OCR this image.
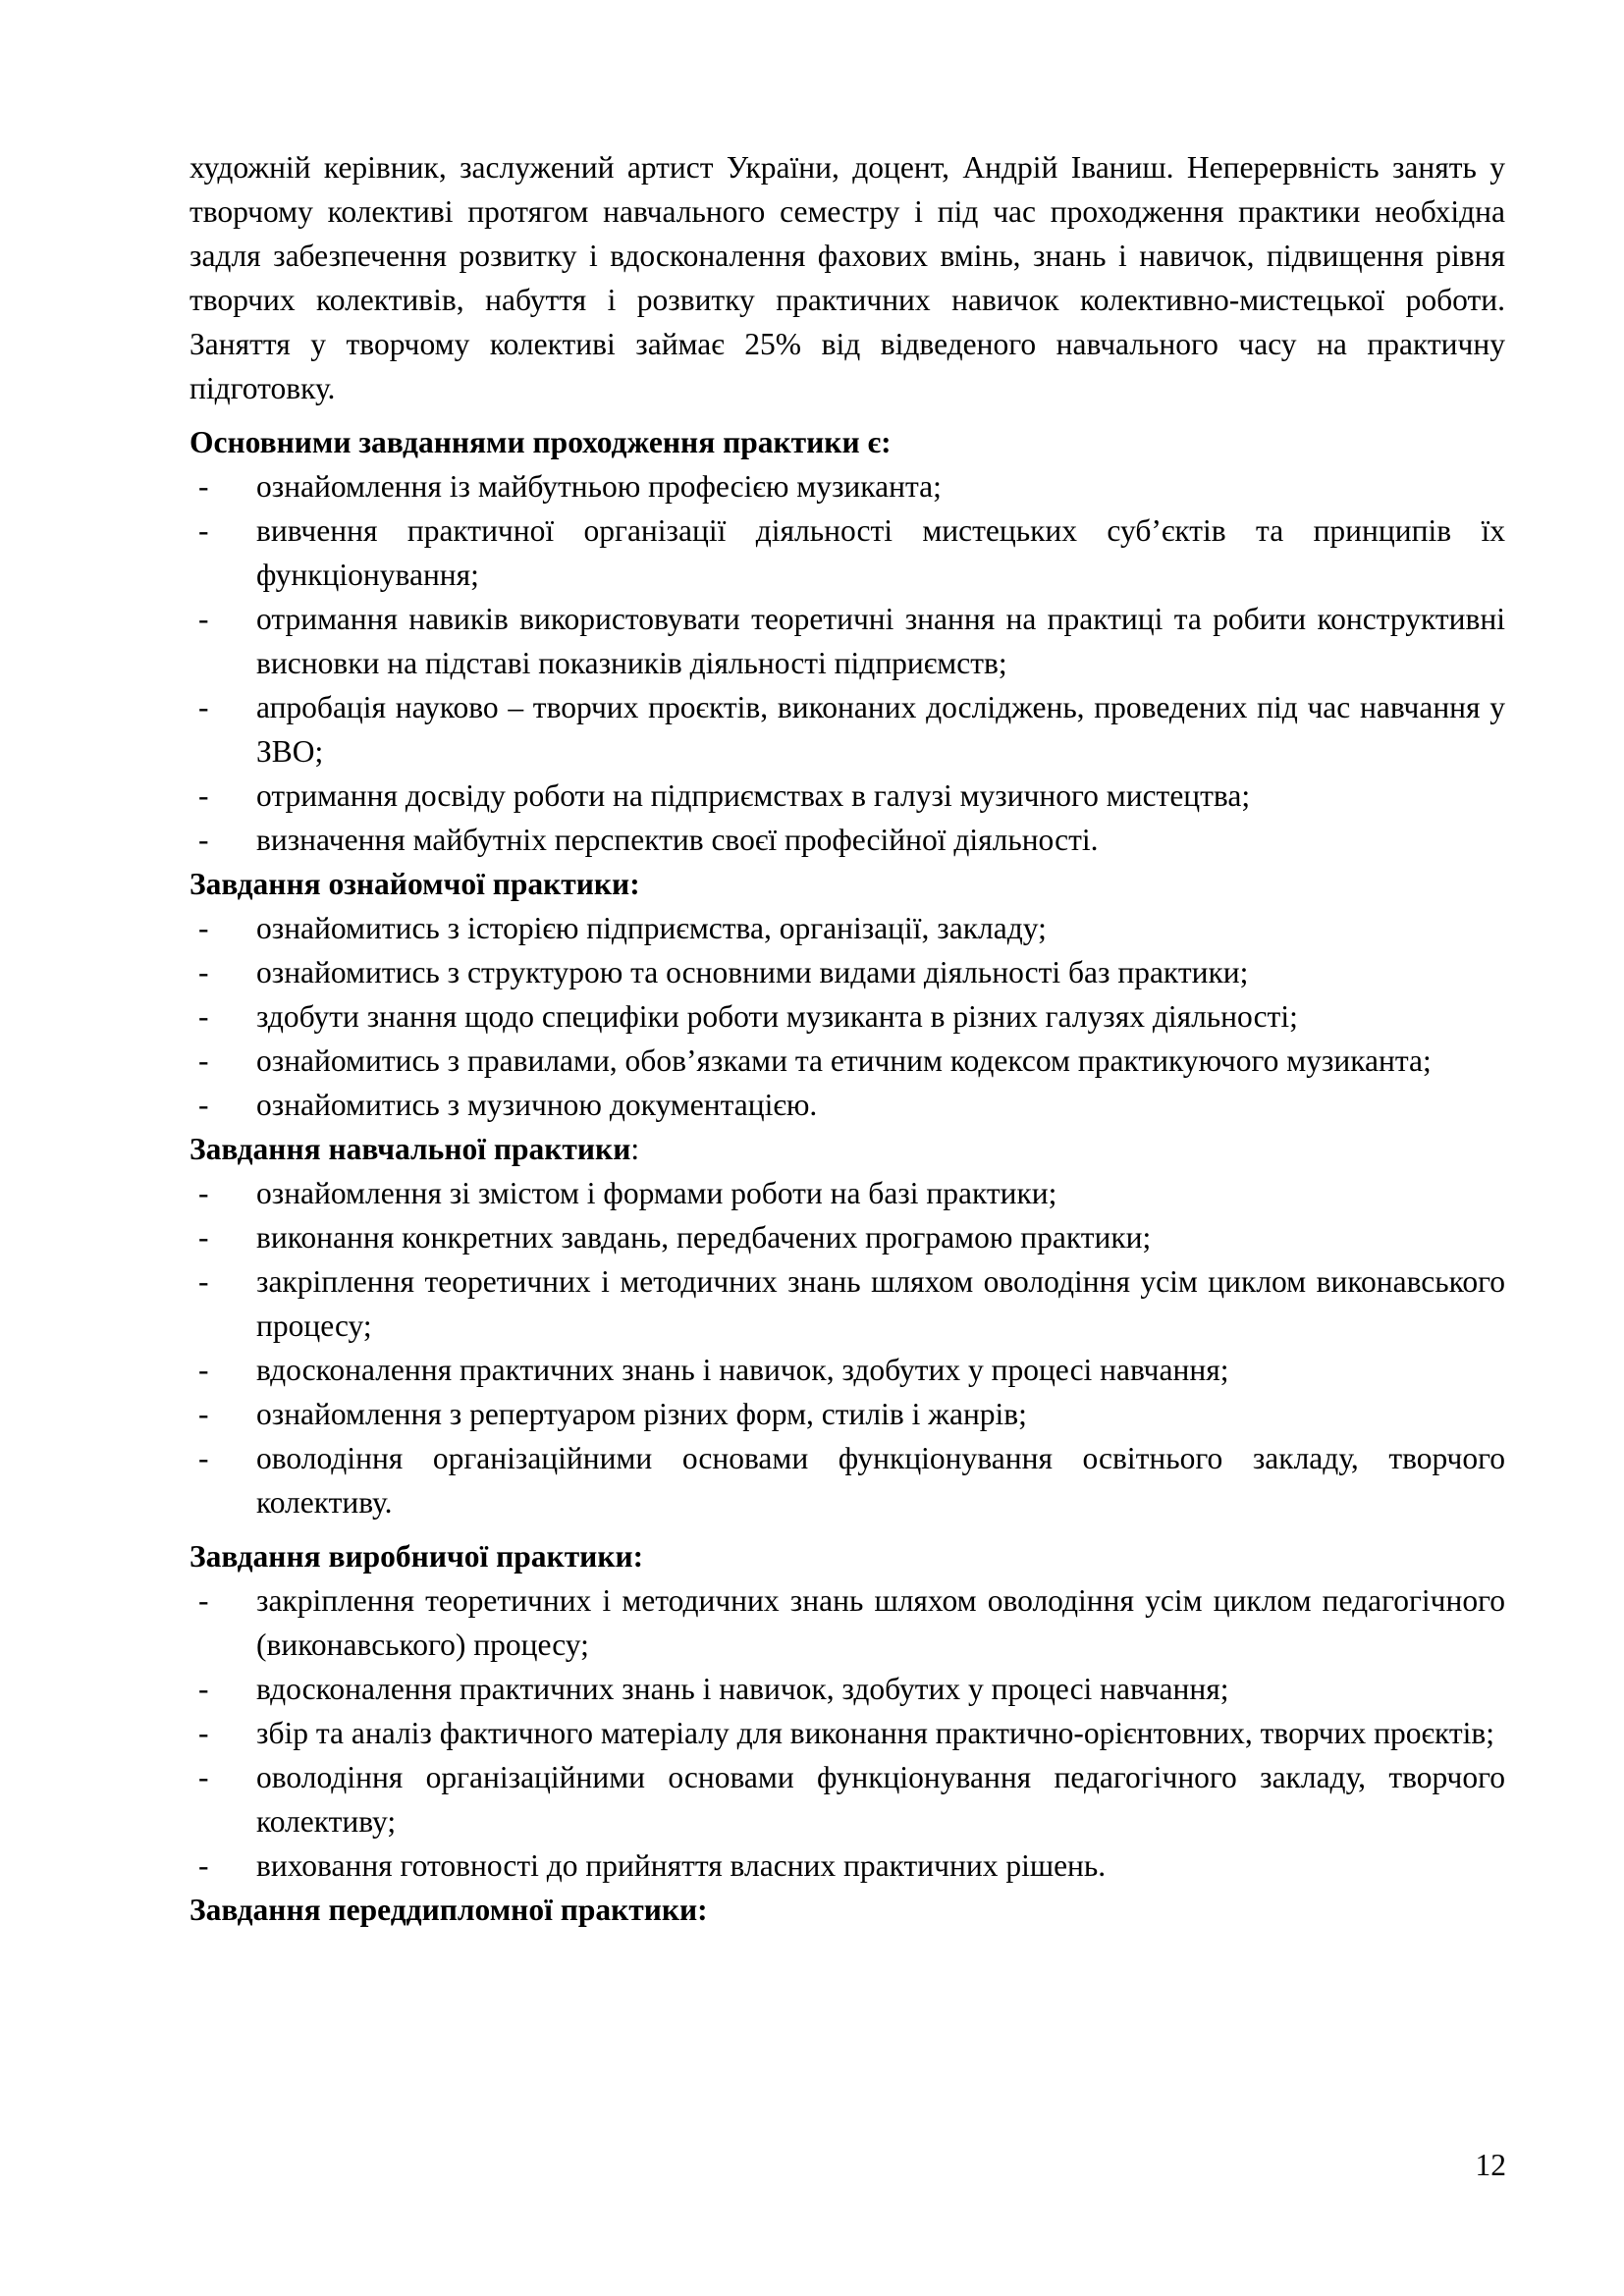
художній керівник, заслужений артист України, доцент, Андрій Іваниш. Неперервність занять у творчому колективі протягом навчального семестру і під час проходження практики необхідна задля забезпечення розвитку і вдосконалення фахових вмінь, знань і навичок, підвищення рівня творчих колективів, набуття і розвитку практичних навичок колективно-мистецької роботи. Заняття у творчому колективі займає 25% від відведеного навчального часу на практичну підготовку.

Основними завданнями проходження практики є:

- ознайомлення із майбутньою професією музиканта;
- вивчення практичної організації діяльності мистецьких суб’єктів та принципів їх функціонування;
- отримання навиків використовувати теоретичні знання на практиці та робити конструктивні висновки на підставі показників діяльності підприємств;
- апробація науково – творчих проєктів, виконаних досліджень, проведених під час навчання у ЗВО;
- отримання досвіду роботи на підприємствах в галузі музичного мистецтва;
- визначення майбутніх перспектив своєї професійної діяльності.

Завдання ознайомчої практики:

- ознайомитись з історією підприємства, організації, закладу;
- ознайомитись з структурою та основними видами діяльності баз практики;
- здобути знання щодо специфіки роботи музиканта в різних галузях діяльності;
- ознайомитись з правилами, обов’язками та етичним кодексом практикуючого музиканта;
- ознайомитись з музичною документацією.

Завдання навчальної практики:

- ознайомлення зі змістом і формами роботи на базі практики;
- виконання конкретних завдань, передбачених програмою практики;
- закріплення теоретичних і методичних знань шляхом оволодіння усім циклом виконавського процесу;
- вдосконалення практичних знань і навичок, здобутих у процесі навчання;
- ознайомлення з репертуаром різних форм, стилів і жанрів;
- оволодіння організаційними основами функціонування освітнього закладу, творчого колективу.

Завдання виробничої практики:

- закріплення теоретичних і методичних знань шляхом оволодіння усім циклом педагогічного (виконавського) процесу;
- вдосконалення практичних знань і навичок, здобутих у процесі навчання;
- збір та аналіз фактичного матеріалу для виконання практично-орієнтовних, творчих проєктів;
- оволодіння організаційними основами функціонування педагогічного закладу, творчого колективу;
- виховання готовності до прийняття власних практичних рішень.

Завдання переддипломної практики:

12
